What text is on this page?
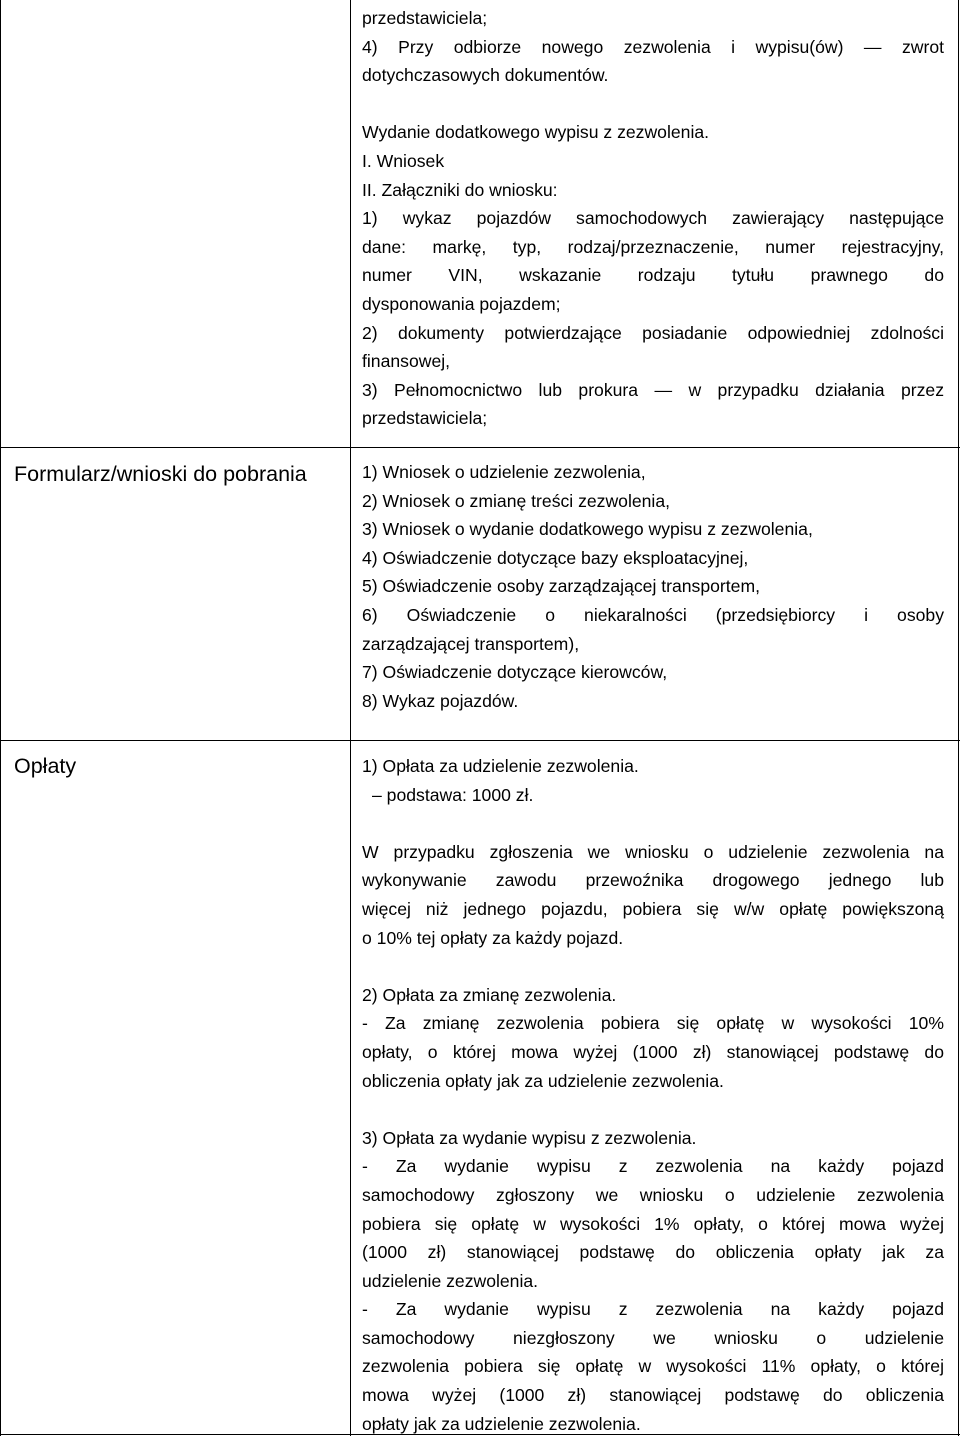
przedstawiciela;
4) Przy odbiorze nowego zezwolenia i wypisu(ów) — zwrot
dotychczasowych dokumentów.
Wydanie dodatkowego wypisu z zezwolenia.
I. Wniosek
II. Załączniki do wniosku:
1) wykaz pojazdów samochodowych zawierający następujące
dane: markę, typ, rodzaj/przeznaczenie, numer rejestracyjny,
numer VIN, wskazanie rodzaju tytułu prawnego do
dysponowania pojazdem;
2) dokumenty potwierdzające posiadanie odpowiedniej zdolności
finansowej,
3) Pełnomocnictwo lub prokura — w przypadku działania przez
przedstawiciela;
Formularz/wnioski do pobrania	1) Wniosek o udzielenie zezwolenia,
2) Wniosek o zmianę treści zezwolenia,
3) Wniosek o wydanie dodatkowego wypisu z zezwolenia,
4) Oświadczenie dotyczące bazy eksploatacyjnej,
5) Oświadczenie osoby zarządzającej transportem,
6) Oświadczenie o niekaralności (przedsiębiorcy i osoby
zarządzającej transportem),
7) Oświadczenie dotyczące kierowców,
8) Wykaz pojazdów.
Opłaty	1) Opłata za udzielenie zezwolenia.
– podstawa: 1000 zł.
W przypadku zgłoszenia we wniosku o udzielenie zezwolenia na
wykonywanie zawodu przewoźnika drogowego jednego lub
więcej niż jednego pojazdu, pobiera się w/w opłatę powiększoną
o 10% tej opłaty za każdy pojazd.
2) Opłata za zmianę zezwolenia.
- Za zmianę zezwolenia pobiera się opłatę w wysokości 10%
opłaty, o której mowa wyżej (1000 zł) stanowiącej podstawę do
obliczenia opłaty jak za udzielenie zezwolenia.
3) Opłata za wydanie wypisu z zezwolenia.
- Za wydanie wypisu z zezwolenia na każdy pojazd
samochodowy zgłoszony we wniosku o udzielenie zezwolenia
pobiera się opłatę w wysokości 1% opłaty, o której mowa wyżej
(1000 zł) stanowiącej podstawę do obliczenia opłaty jak za
udzielenie zezwolenia.
- Za wydanie wypisu z zezwolenia na każdy pojazd
samochodowy niezgłoszony we wniosku o udzielenie
zezwolenia pobiera się opłatę w wysokości 11% opłaty, o której
mowa wyżej (1000 zł) stanowiącej podstawę do obliczenia
opłaty jak za udzielenie zezwolenia.
